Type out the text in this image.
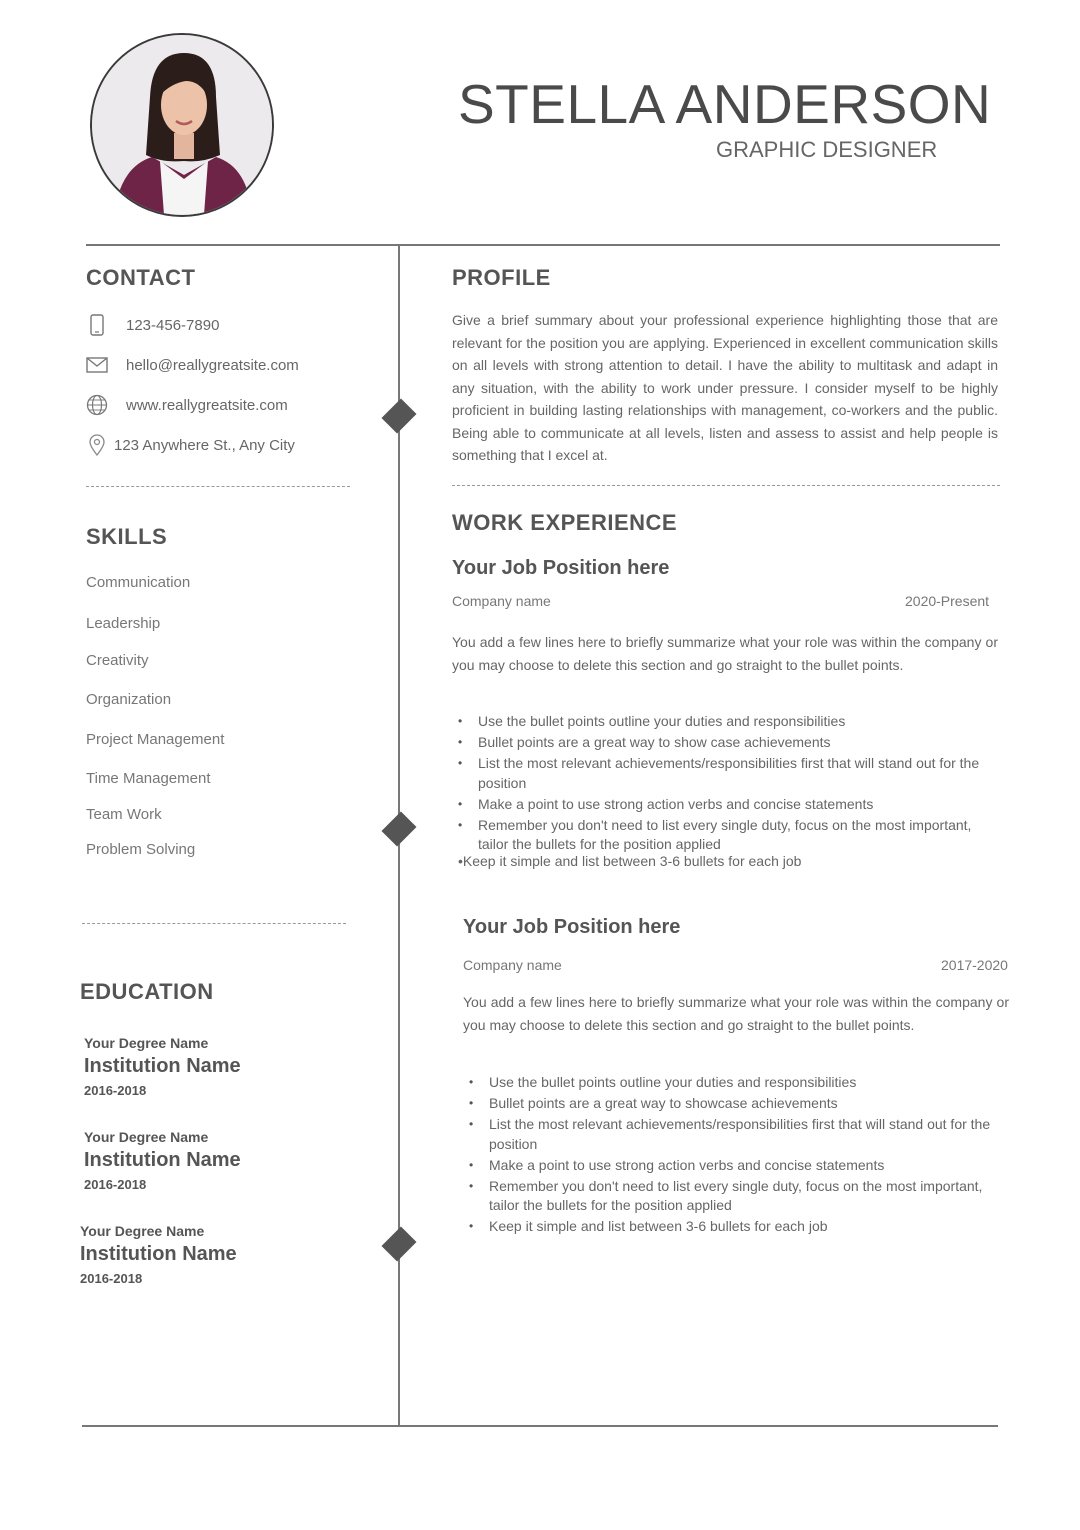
STELLA ANDERSON
GRAPHIC DESIGNER
CONTACT
123-456-7890
hello@reallygreatsite.com
www.reallygreatsite.com
123 Anywhere St., Any City
SKILLS
Communication
Leadership
Creativity
Organization
Project Management
Time Management
Team Work
Problem Solving
EDUCATION
Your Degree Name
Institution Name
2016-2018
Your Degree Name
Institution Name
2016-2018
Your Degree Name
Institution Name
2016-2018
PROFILE
Give a brief summary about your professional experience highlighting those that are relevant for the position you are applying. Experienced in excellent communication skills on all levels with strong attention to detail. I have the ability to multitask and adapt in any situation, with the ability to work under pressure. I consider myself to be highly proficient in building lasting relationships with management, co-workers and the public. Being able to communicate at all levels, listen and assess to assist and help people is something that I excel at.
WORK EXPERIENCE
Your Job Position here
Company name	2020-Present
You add a few lines here to briefly summarize what your role was within the company or you may choose to delete this section and go straight to the bullet points.
• Use the bullet points outline your duties and responsibilities
• Bullet points are a great way to show case achievements
• List the most relevant achievements/responsibilities first that will stand out for the position
• Make a point to use strong action verbs and concise statements
• Remember you don't need to list every single duty, focus on the most important, tailor the bullets for the position applied
•Keep it simple and list between 3-6 bullets for each job
Your Job Position here
Company name	2017-2020
You add a few lines here to briefly summarize what your role was within the company or you may choose to delete this section and go straight to the bullet points.
• Use the bullet points outline your duties and responsibilities
• Bullet points are a great way to showcase achievements
• List the most relevant achievements/responsibilities first that will stand out for the position
• Make a point to use strong action verbs and concise statements
• Remember you don't need to list every single duty, focus on the most important, tailor the bullets for the position applied
• Keep it simple and list between 3-6 bullets for each job
